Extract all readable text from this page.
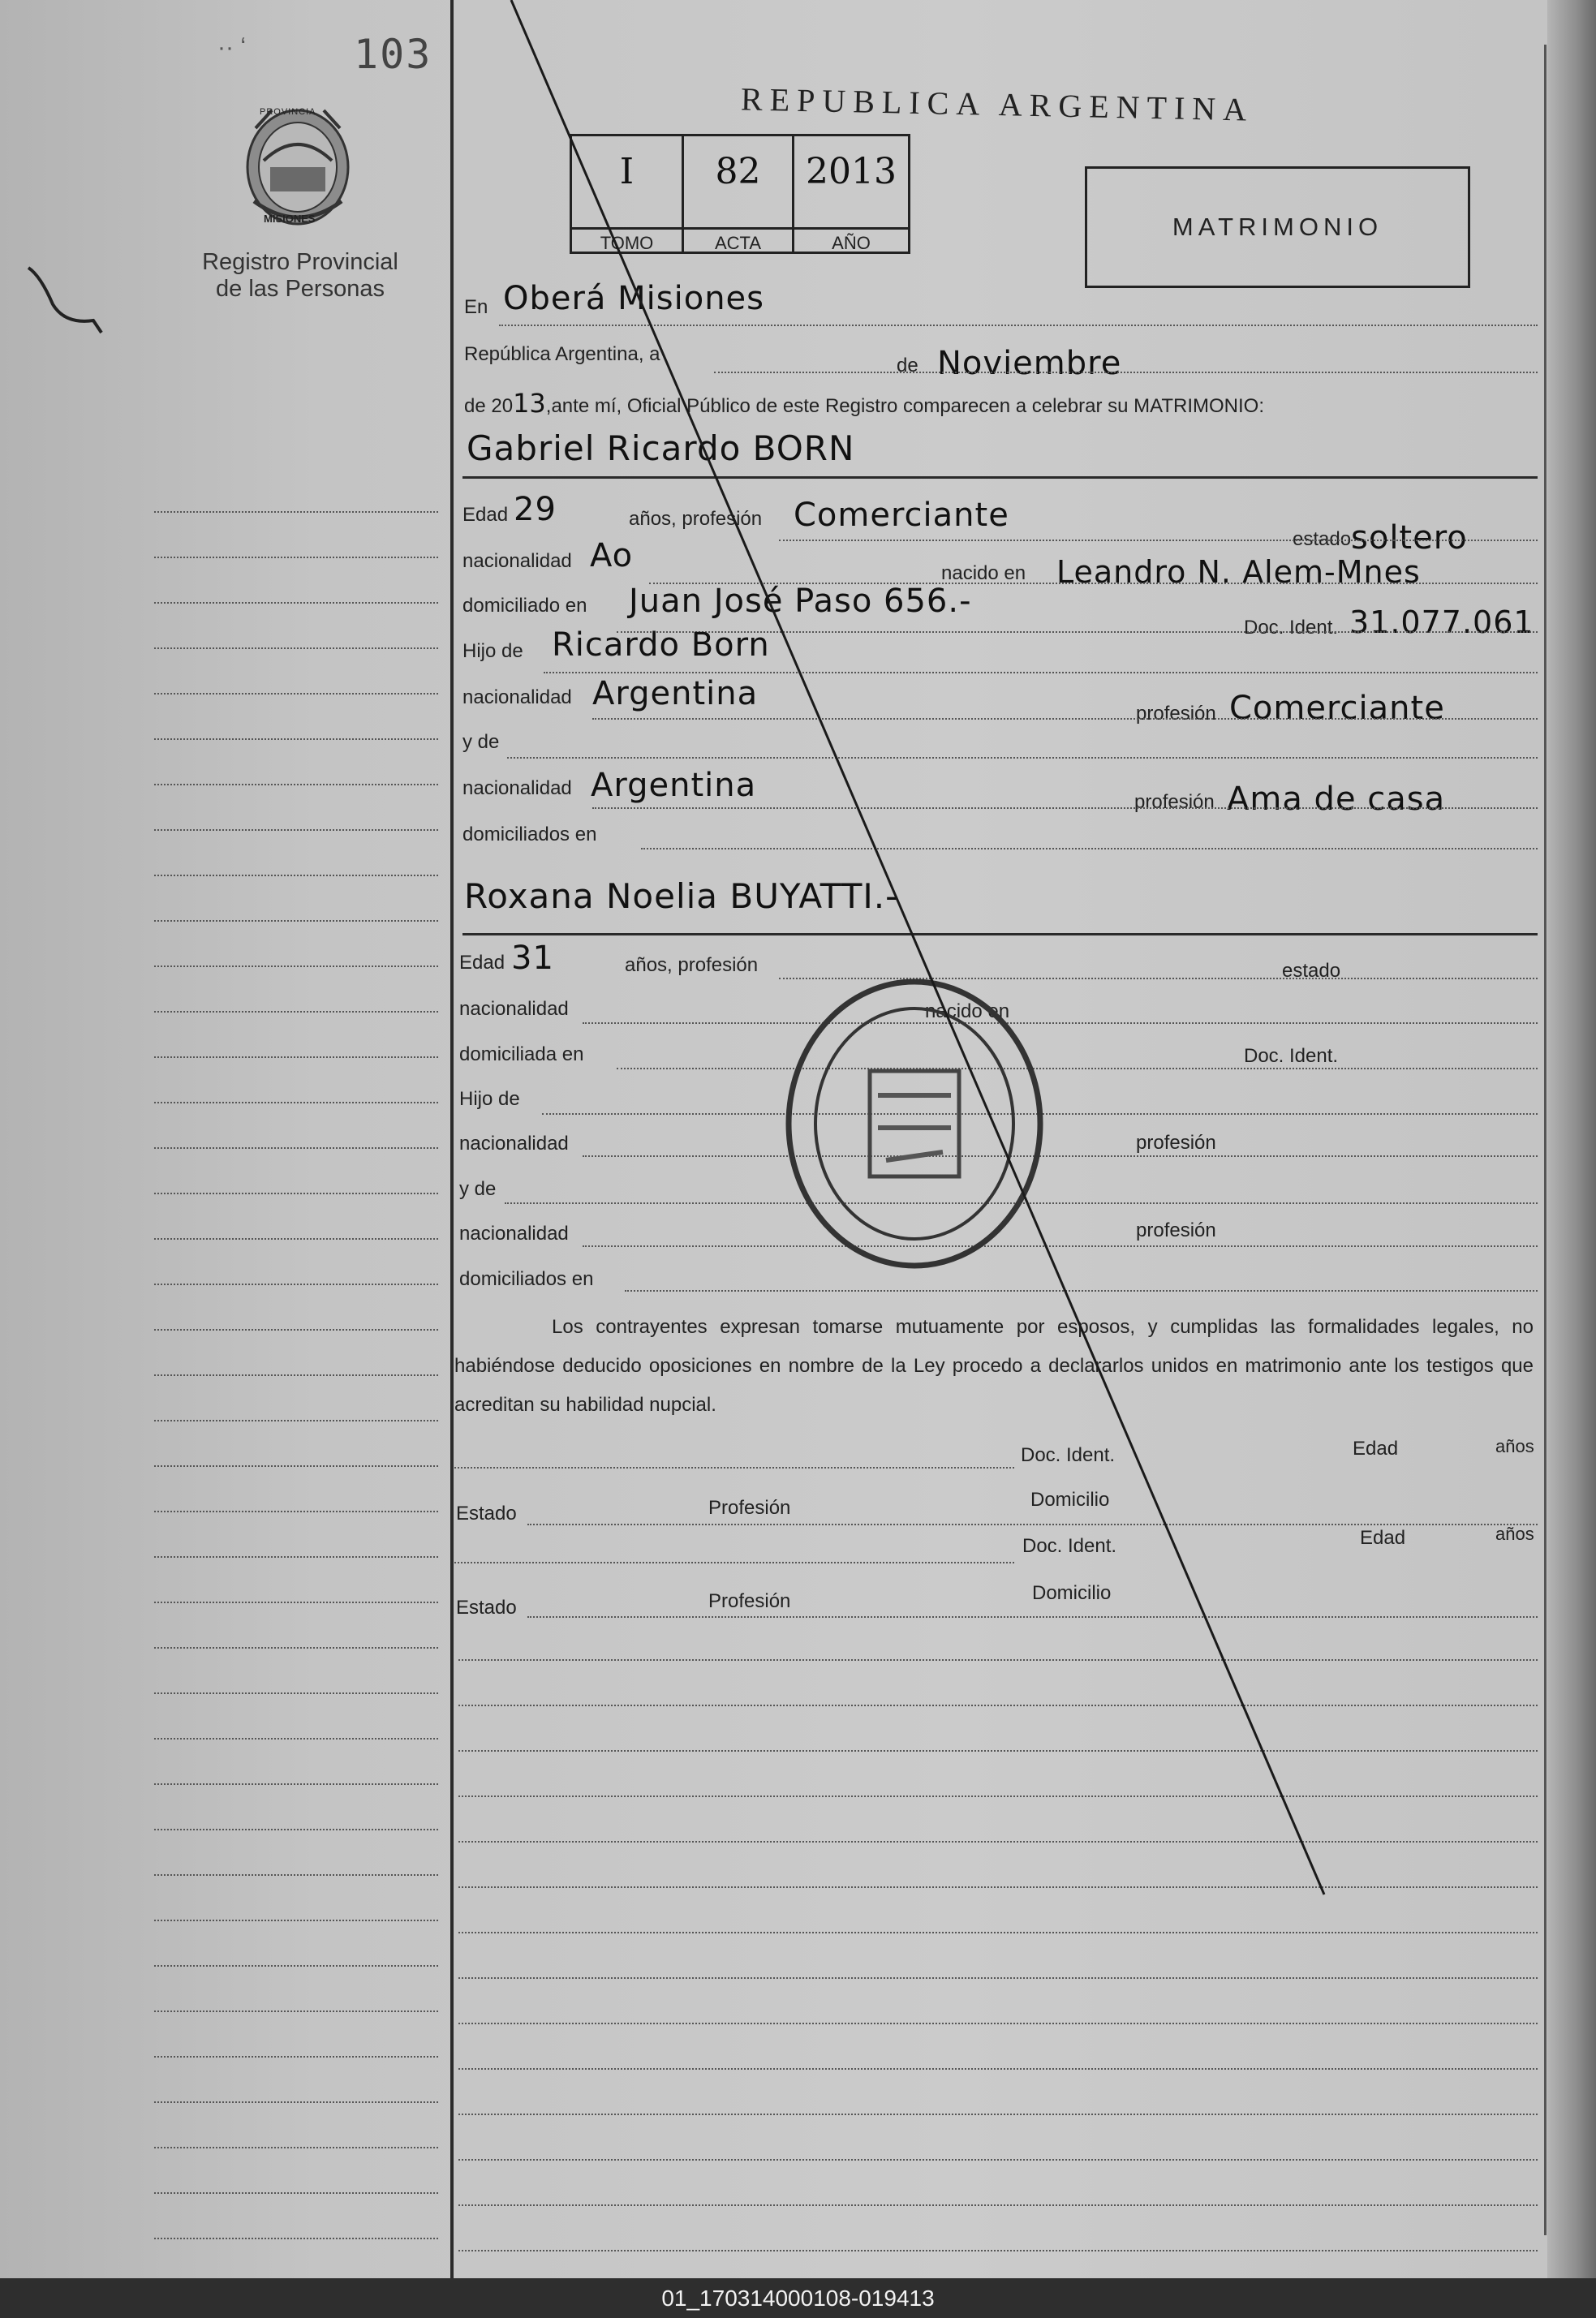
·· ʻ	103
PROVINCIA
MISIONES
Registro Provincial
de las Personas
REPUBLICA ARGENTINA
I
TOMO
82
ACTA
2013
AÑO
MATRIMONIO
En Oberá Misiones
República Argentina, a
de Noviembre
de 2013,ante mí, Oficial Público de este Registro comparecen a celebrar su MATRIMONIO:
Gabriel Ricardo BORN
Edad 29	años, profesión Comerciante
estado soltero
nacionalidad Ao	nacido en Leandro N. Alem-Mnes
domiciliado en Juan José Paso 656.-
Doc. Ident. 31.077.061
Hijo de Ricardo Born
nacionalidad Argentina
profesión Comerciante
y de
nacionalidad Argentina	profesión Ama de casa
domiciliados en
Roxana Noelia BUYATTI.-
Edad 31	años, profesión	estado
nacionalidad	nacido en
domiciliada en	Doc. Ident.
Hijo de
nacionalidad	profesión
y de
nacionalidad	profesión
domiciliados en
Los contrayentes expresan tomarse mutuamente por esposos, y cumplidas las formalidades legales, no habiéndose deducido oposiciones en nombre de la Ley procedo a declararlos unidos en matrimonio ante los testigos que acreditan su habilidad nupcial.
Doc. Ident.	Edad	años
Estado	Profesión	Domicilio
Doc. Ident.	Edad	años
Estado	Profesión	Domicilio
01_170314000108-019413
